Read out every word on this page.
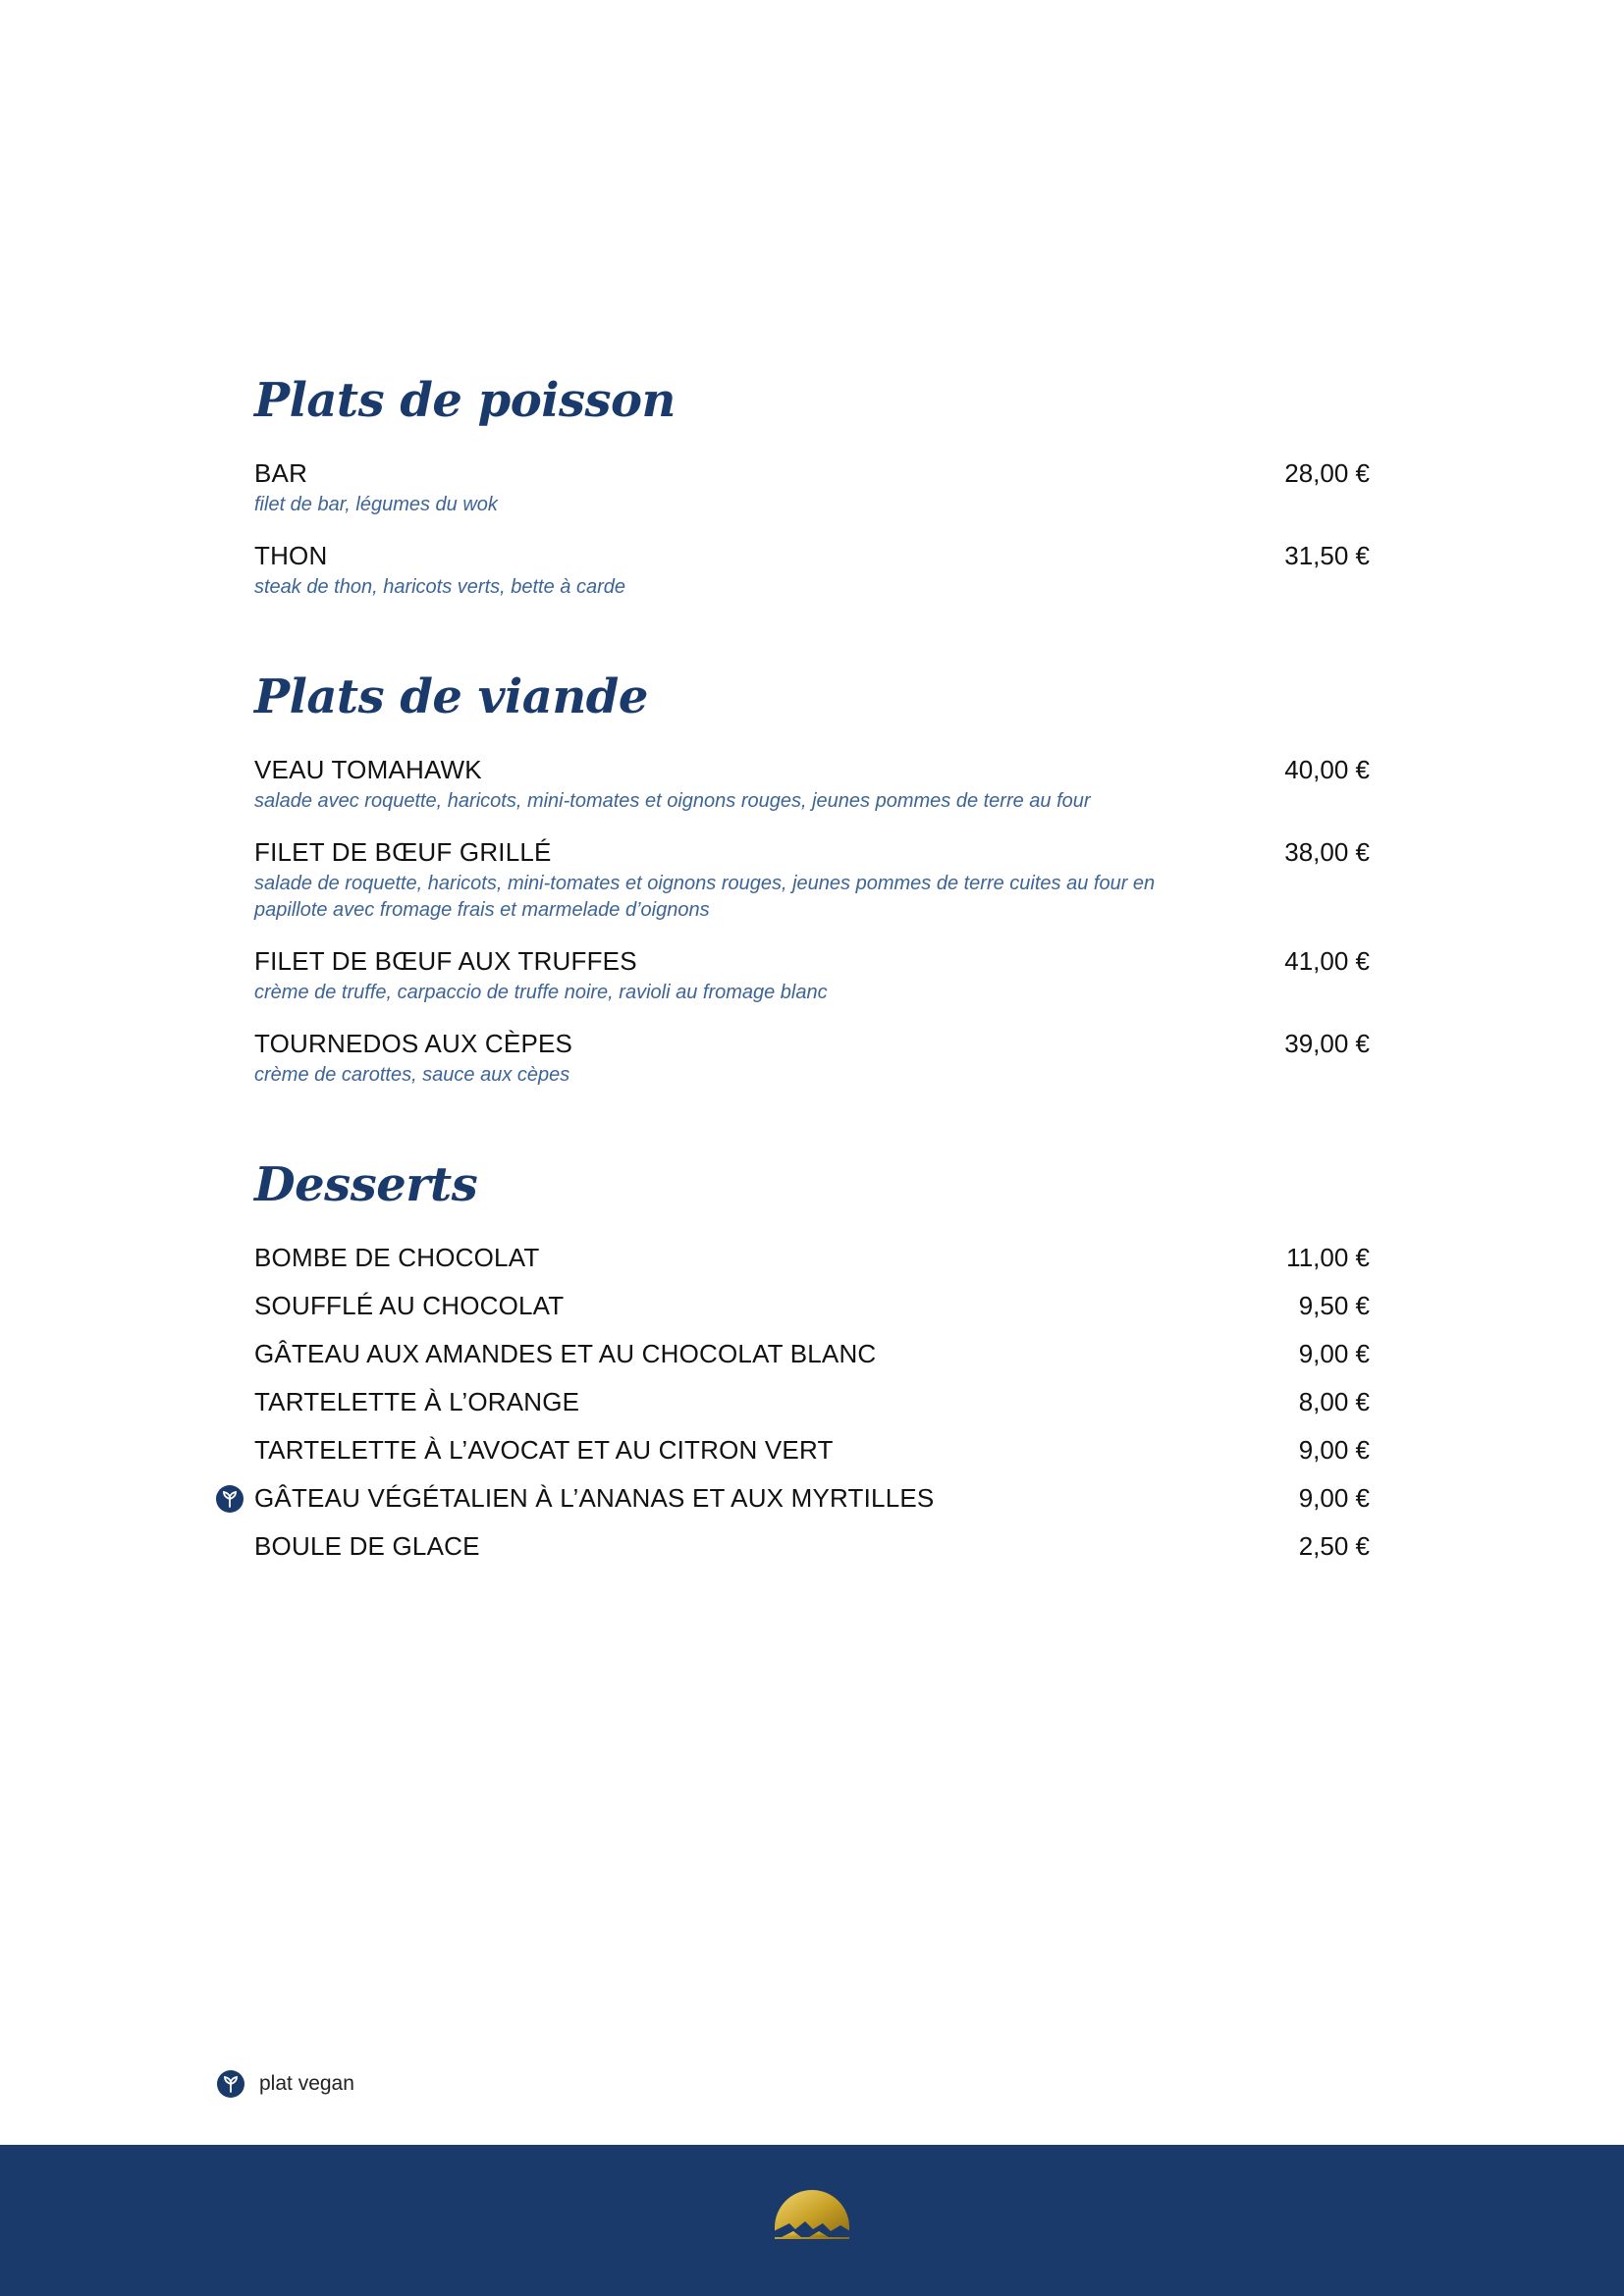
Plats de poisson
BAR
filet de bar, légumes du wok
28,00 €
THON
steak de thon, haricots verts, bette à carde
31,50 €
Plats de viande
VEAU TOMAHAWK
salade avec roquette, haricots, mini-tomates et oignons rouges, jeunes pommes de terre au four
40,00 €
FILET DE BŒUF GRILLÉ
salade de roquette, haricots, mini-tomates et oignons rouges, jeunes pommes de terre cuites au four en papillote avec fromage frais et marmelade d’oignons
38,00 €
FILET DE BŒUF AUX TRUFFES
crème de truffe, carpaccio de truffe noire, ravioli au fromage blanc
41,00 €
TOURNEDOS AUX CÈPES
crème de carottes, sauce aux cèpes
39,00 €
Desserts
BOMBE DE CHOCOLAT	11,00 €
SOUFFLÉ AU CHOCOLAT	9,50 €
GÂTEAU AUX AMANDES ET AU CHOCOLAT BLANC	9,00 €
TARTELETTE À L’ORANGE	8,00 €
TARTELETTE À L’AVOCAT ET AU CITRON VERT	9,00 €
GÂTEAU VÉGÉTALIEN À L’ANANAS ET AUX MYRTILLES	9,00 €
BOULE DE GLACE	2,50 €
plat vegan
